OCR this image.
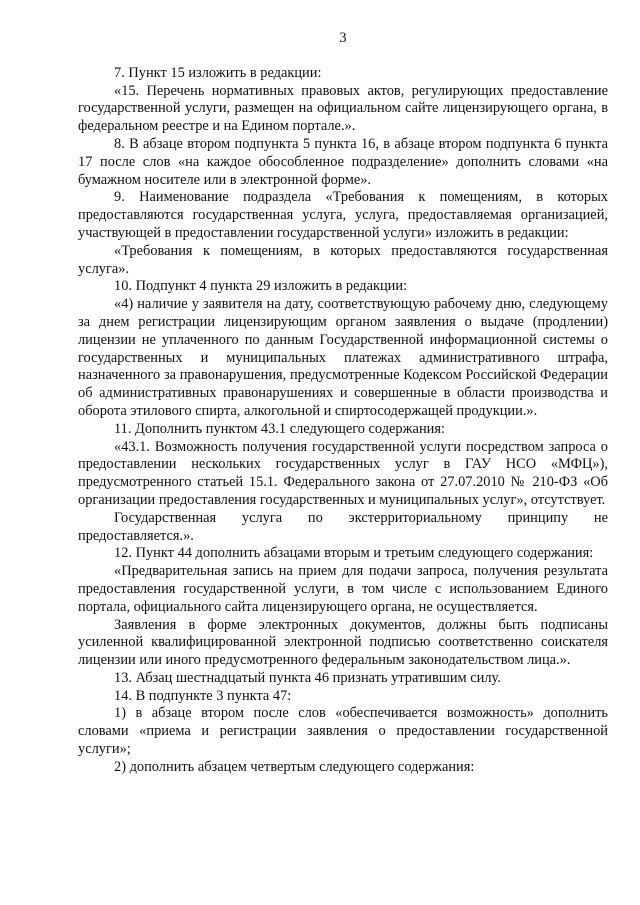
3

7. Пункт 15 изложить в редакции:

«15. Перечень нормативных правовых актов, регулирующих предоставление государственной услуги, размещен на официальном сайте лицензирующего органа, в федеральном реестре и на Едином портале.».

8. В абзаце втором подпункта 5 пункта 16, в абзаце втором подпункта 6 пункта 17 после слов «на каждое обособленное подразделение» дополнить словами «на бумажном носителе или в электронной форме».

9. Наименование подраздела «Требования к помещениям, в которых предоставляются государственная услуга, услуга, предоставляемая организацией, участвующей в предоставлении государственной услуги» изложить в редакции:

«Требования к помещениям, в которых предоставляются государственная услуга».

10. Подпункт 4 пункта 29 изложить в редакции:

«4) наличие у заявителя на дату, соответствующую рабочему дню, следующему за днем регистрации лицензирующим органом заявления о выдаче (продлении) лицензии не уплаченного по данным Государственной информационной системы о государственных и муниципальных платежах административного штрафа, назначенного за правонарушения, предусмотренные Кодексом Российской Федерации об административных правонарушениях и совершенные в области производства и оборота этилового спирта, алкогольной и спиртосодержащей продукции.».

11. Дополнить пунктом 43.1 следующего содержания:

«43.1. Возможность получения государственной услуги посредством запроса о предоставлении нескольких государственных услуг в ГАУ НСО «МФЦ»), предусмотренного статьей 15.1. Федерального закона от 27.07.2010 № 210-ФЗ «Об организации предоставления государственных и муниципальных услуг», отсутствует.

Государственная услуга по экстерриториальному принципу не предоставляется.».

12. Пункт 44 дополнить абзацами вторым и третьим следующего содержания:

«Предварительная запись на прием для подачи запроса, получения результата предоставления государственной услуги, в том числе с использованием Единого портала, официального сайта лицензирующего органа, не осуществляется.

Заявления в форме электронных документов, должны быть подписаны усиленной квалифицированной электронной подписью соответственно соискателя лицензии или иного предусмотренного федеральным законодательством лица.».

13. Абзац шестнадцатый пункта 46 признать утратившим силу.

14. В подпункте 3 пункта 47:

1) в абзаце втором после слов «обеспечивается возможность» дополнить словами «приема и регистрации заявления о предоставлении государственной услуги»;

2) дополнить абзацем четвертым следующего содержания:
